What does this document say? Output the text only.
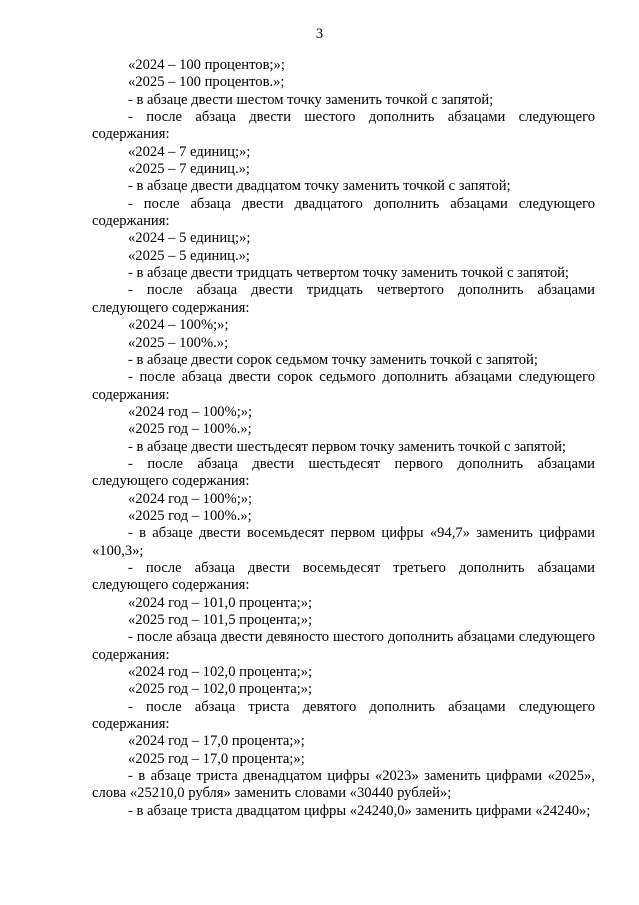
3

«2024 – 100 процентов;»;

«2025 – 100 процентов.»;

- в абзаце двести шестом точку заменить точкой с запятой;

- после абзаца двести шестого дополнить абзацами следующего содержания:

«2024 – 7 единиц;»;

«2025 – 7 единиц.»;

- в абзаце двести двадцатом точку заменить точкой с запятой;

- после абзаца двести двадцатого дополнить абзацами следующего содержания:

«2024 – 5 единиц;»;

«2025 – 5 единиц.»;

- в абзаце двести тридцать четвертом точку заменить точкой с запятой;

- после абзаца двести тридцать четвертого дополнить абзацами следующего содержания:

«2024 – 100%;»;

«2025 – 100%.»;

- в абзаце двести сорок седьмом точку заменить точкой с запятой;

- после абзаца двести сорок седьмого дополнить абзацами следующего содержания:

«2024 год – 100%;»;

«2025 год – 100%.»;

- в абзаце двести шестьдесят первом точку заменить точкой с запятой;

- после абзаца двести шестьдесят первого дополнить абзацами следующего содержания:

«2024 год – 100%;»;

«2025 год – 100%.»;

- в абзаце двести восемьдесят первом цифры «94,7» заменить цифрами «100,3»;

- после абзаца двести восемьдесят третьего дополнить абзацами следующего содержания:

«2024 год – 101,0 процента;»;

«2025 год – 101,5 процента;»;

- после абзаца двести девяносто шестого дополнить абзацами следующего содержания:

«2024 год – 102,0 процента;»;

«2025 год – 102,0 процента;»;

- после абзаца триста девятого дополнить абзацами следующего содержания:

«2024 год – 17,0 процента;»;

«2025 год – 17,0 процента;»;

- в абзаце триста двенадцатом цифры «2023» заменить цифрами «2025», слова «25210,0 рубля» заменить словами «30440 рублей»;

- в абзаце триста двадцатом цифры «24240,0» заменить цифрами «24240»;
